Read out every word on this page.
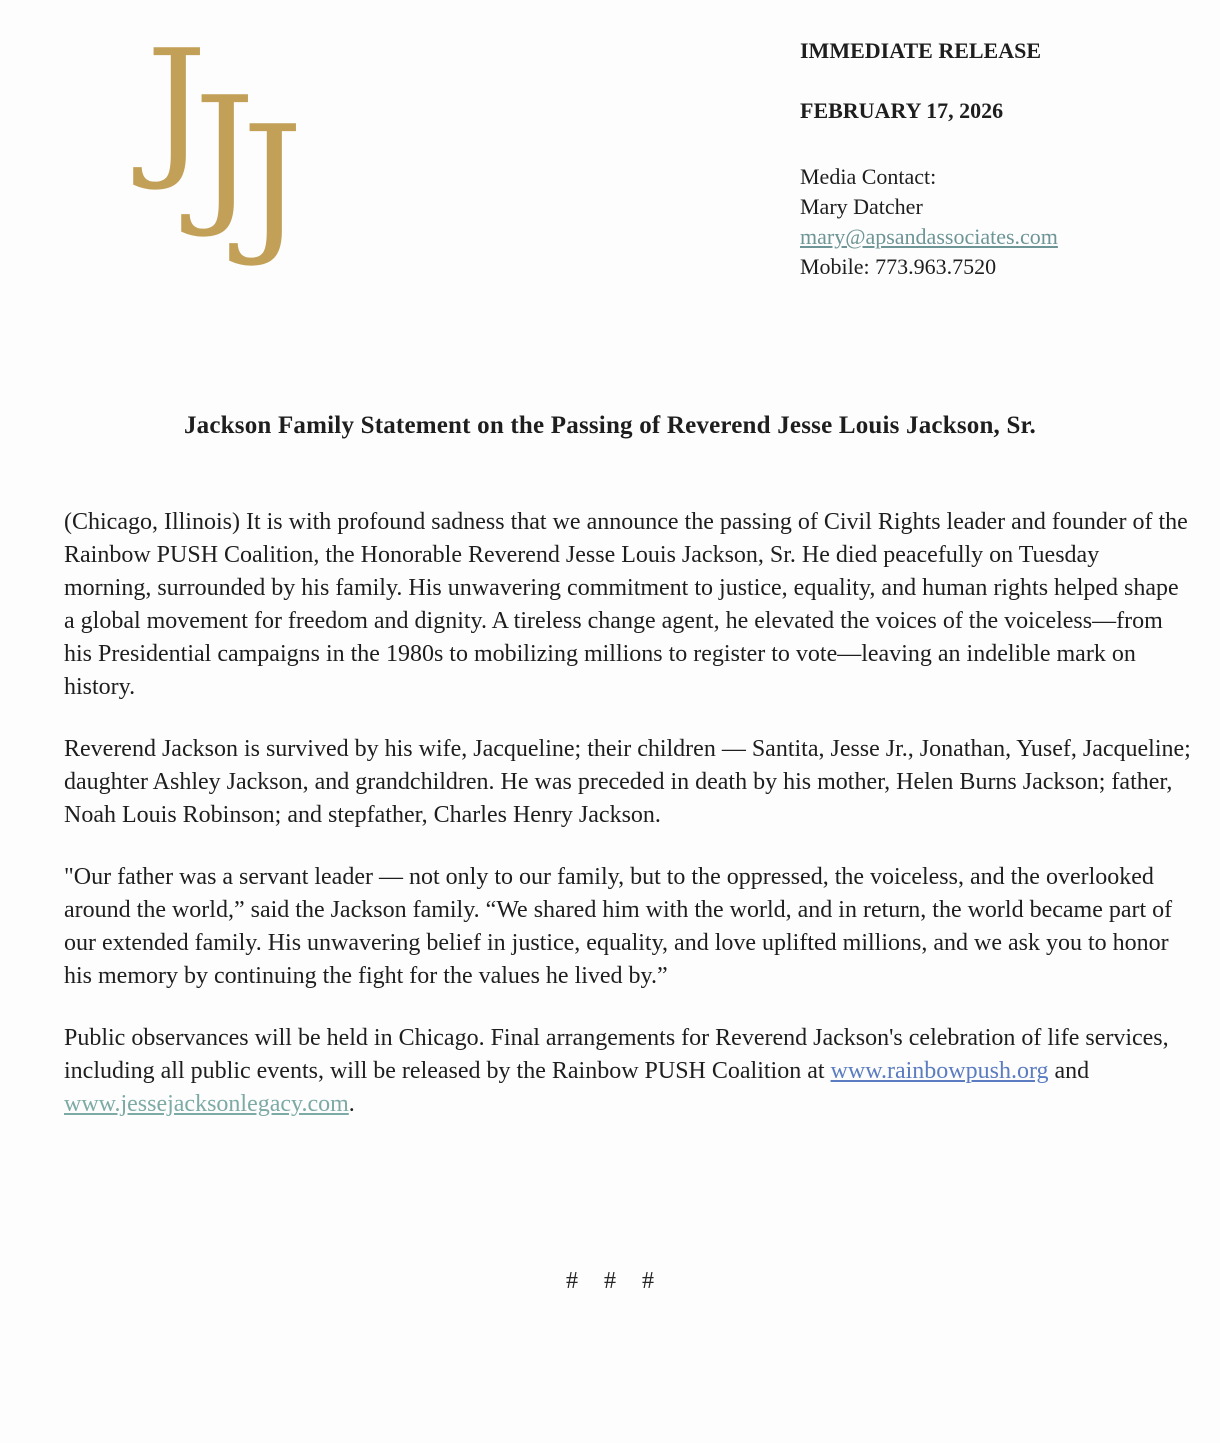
J
J
J
IMMEDIATE RELEASE
FEBRUARY 17, 2026
Media Contact:
Mary Datcher
mary@apsandassociates.com
Mobile: 773.963.7520
Jackson Family Statement on the Passing of Reverend Jesse Louis Jackson, Sr.

(Chicago, Illinois) It is with profound sadness that we announce the passing of Civil Rights leader and founder of the Rainbow PUSH Coalition, the Honorable Reverend Jesse Louis Jackson, Sr. He died peacefully on Tuesday morning, surrounded by his family. His unwavering commitment to justice, equality, and human rights helped shape a global movement for freedom and dignity. A tireless change agent, he elevated the voices of the voiceless—from his Presidential campaigns in the 1980s to mobilizing millions to register to vote—leaving an indelible mark on history.

Reverend Jackson is survived by his wife, Jacqueline; their children — Santita, Jesse Jr., Jonathan, Yusef, Jacqueline; daughter Ashley Jackson, and grandchildren. He was preceded in death by his mother, Helen Burns Jackson; father, Noah Louis Robinson; and stepfather, Charles Henry Jackson.

"Our father was a servant leader — not only to our family, but to the oppressed, the voiceless, and the overlooked around the world,” said the Jackson family. “We shared him with the world, and in return, the world became part of our extended family. His unwavering belief in justice, equality, and love uplifted millions, and we ask you to honor his memory by continuing the fight for the values he lived by.”

Public observances will be held in Chicago. Final arrangements for Reverend Jackson's celebration of life services, including all public events, will be released by the Rainbow PUSH Coalition at www.rainbowpush.org and www.jessejacksonlegacy.com.

# # #
